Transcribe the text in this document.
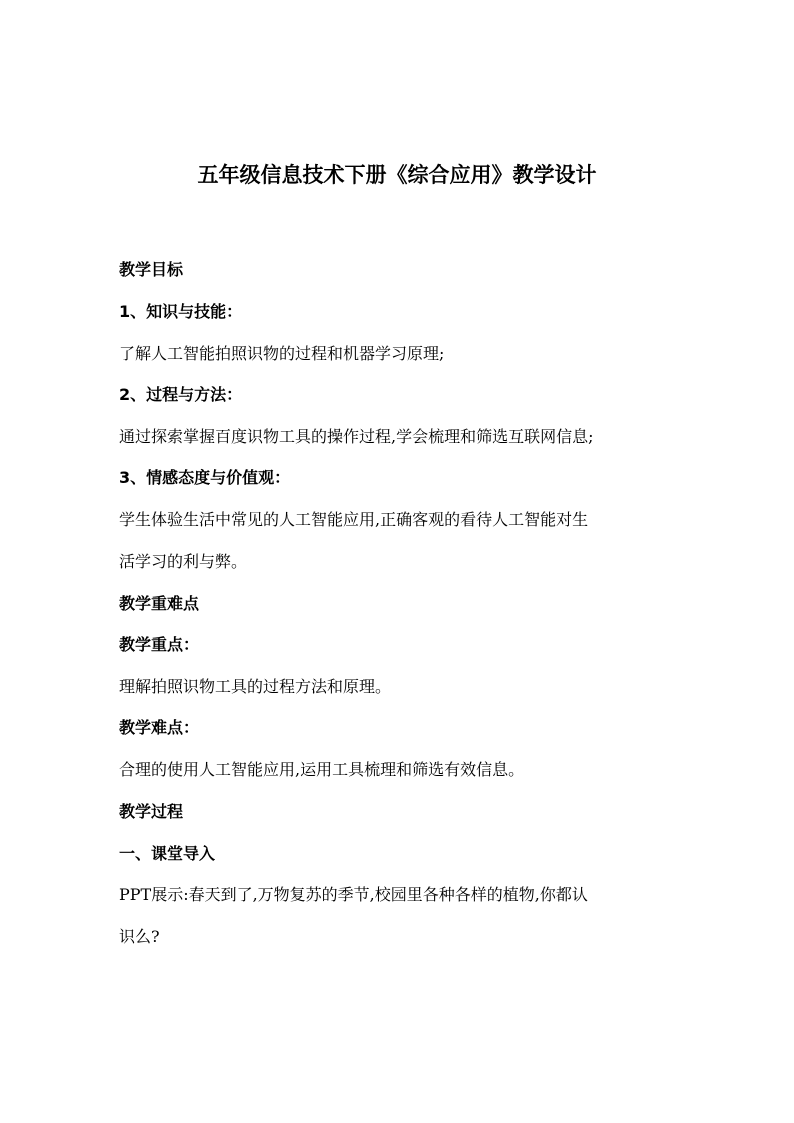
五年级信息技术下册《综合应用》教学设计
教学目标
1、知识与技能：
了解人工智能拍照识物的过程和机器学习原理;
2、过程与方法：
通过探索掌握百度识物工具的操作过程,学会梳理和筛选互联网信息;
3、情感态度与价值观：
学生体验生活中常见的人工智能应用,正确客观的看待人工智能对生
活学习的利与弊。
教学重难点
教学重点：
理解拍照识物工具的过程方法和原理。
教学难点：
合理的使用人工智能应用,运用工具梳理和筛选有效信息。
教学过程
一、课堂导入
PPT展示:春天到了,万物复苏的季节,校园里各种各样的植物,你都认
识么?
